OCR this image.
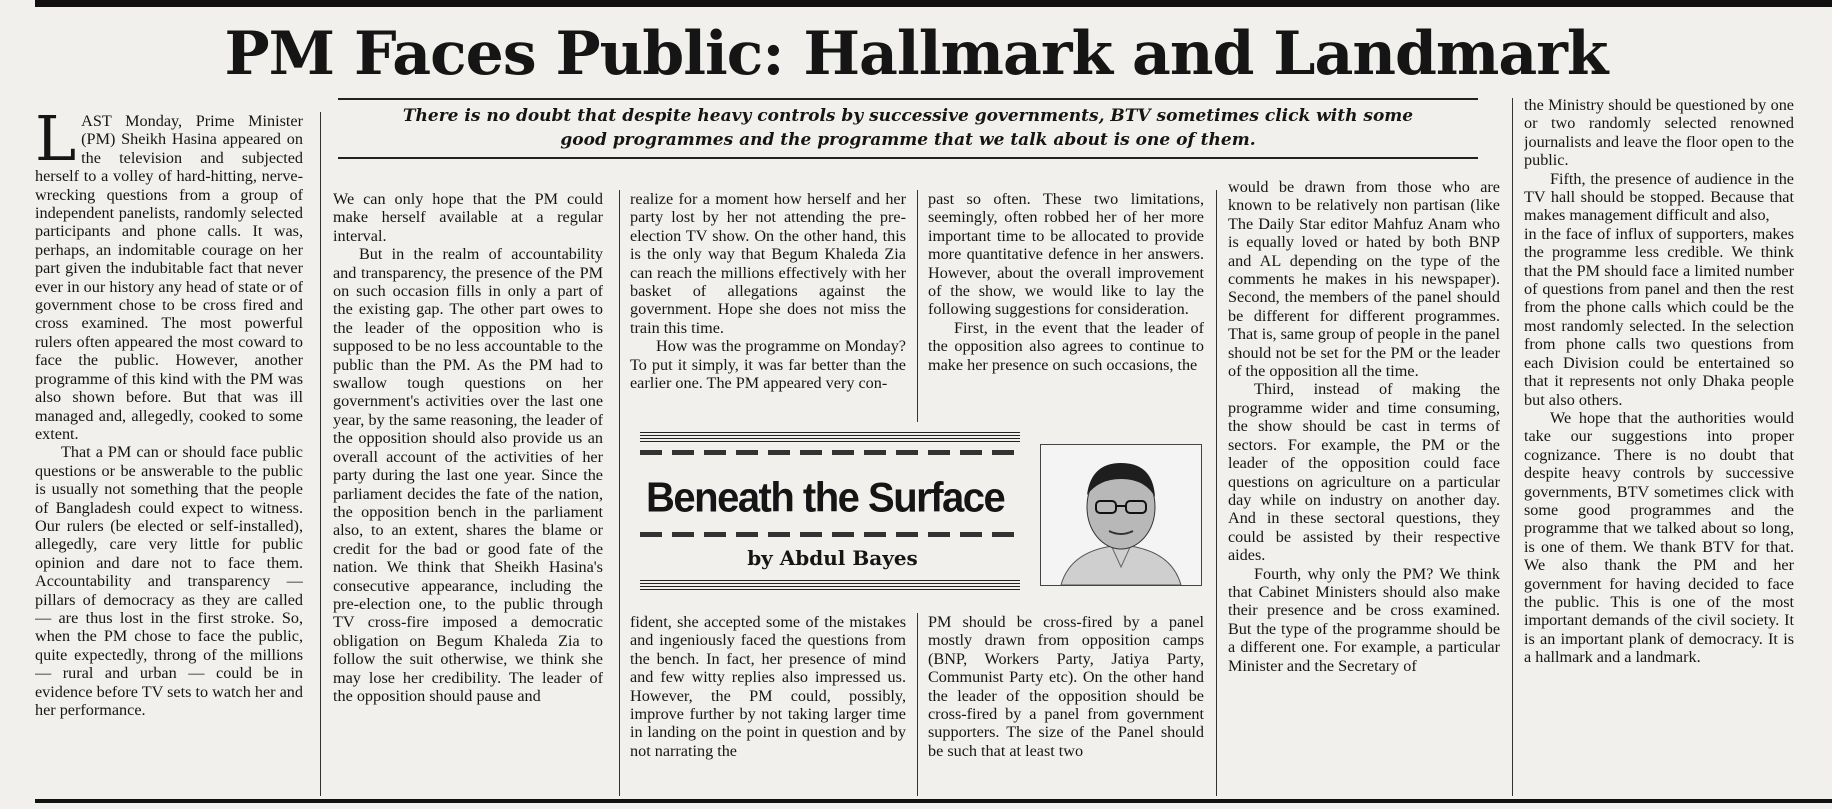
PM Faces Public: Hallmark and Landmark
There is no doubt that despite heavy controls by successive governments, BTV sometimes click with some
good programmes and the programme that we talk about is one of them.

LAST Monday, Prime Minister (PM) Sheikh Hasina appeared on the television and subjected herself to a volley of hard-hitting, nerve-wrecking questions from a group of independent panelists, randomly selected participants and phone calls. It was, perhaps, an indomitable courage on her part given the indubitable fact that never ever in our history any head of state or of government chose to be cross fired and cross examined. The most powerful rulers often appeared the most coward to face the public. However, another programme of this kind with the PM was also shown before. But that was ill managed and, allegedly, cooked to some extent.

That a PM can or should face public questions or be answerable to the public is usually not something that the people of Bangladesh could expect to witness. Our rulers (be elected or self-installed), allegedly, care very little for public opinion and dare not to face them. Accountability and transparency — pillars of democracy as they are called — are thus lost in the first stroke. So, when the PM chose to face the public, quite expectedly, throng of the millions — rural and urban — could be in evidence before TV sets to watch her and her performance.

We can only hope that the PM could make herself available at a regular interval.

But in the realm of accountability and transparency, the presence of the PM on such occasion fills in only a part of the existing gap. The other part owes to the leader of the opposition who is supposed to be no less accountable to the public than the PM. As the PM had to swallow tough questions on her government's activities over the last one year, by the same reasoning, the leader of the opposition should also provide us an overall account of the activities of her party during the last one year. Since the parliament decides the fate of the nation, the opposition bench in the parliament also, to an extent, shares the blame or credit for the bad or good fate of the nation. We think that Sheikh Hasina's consecutive appearance, including the pre-election one, to the public through TV cross-fire imposed a democratic obligation on Begum Khaleda Zia to follow the suit otherwise, we think she may lose her credibility. The leader of the opposition should pause and

realize for a moment how herself and her party lost by her not attending the pre-election TV show. On the other hand, this is the only way that Begum Khaleda Zia can reach the millions effectively with her basket of allegations against the government. Hope she does not miss the train this time.

How was the programme on Monday? To put it simply, it was far better than the earlier one. The PM appeared very con-

past so often. These two limitations, seemingly, often robbed her of her more important time to be allocated to provide more quantitative defence in her answers. However, about the overall improvement of the show, we would like to lay the following suggestions for consideration.

First, in the event that the leader of the opposition also agrees to continue to make her presence on such occasions, the

Beneath the Surface
by Abdul Bayes

fident, she accepted some of the mistakes and ingeniously faced the questions from the bench. In fact, her presence of mind and few witty replies also impressed us. However, the PM could, possibly, improve further by not taking larger time in landing on the point in question and by not narrating the

PM should be cross-fired by a panel mostly drawn from opposition camps (BNP, Workers Party, Jatiya Party, Communist Party etc). On the other hand the leader of the opposition should be cross-fired by a panel from government supporters. The size of the Panel should be such that at least two

would be drawn from those who are known to be relatively non partisan (like The Daily Star editor Mahfuz Anam who is equally loved or hated by both BNP and AL depending on the type of the comments he makes in his newspaper). Second, the members of the panel should be different for different programmes. That is, same group of people in the panel should not be set for the PM or the leader of the opposition all the time.

Third, instead of making the programme wider and time consuming, the show should be cast in terms of sectors. For example, the PM or the leader of the opposition could face questions on agriculture on a particular day while on industry on another day. And in these sectoral questions, they could be assisted by their respective aides.

Fourth, why only the PM? We think that Cabinet Ministers should also make their presence and be cross examined. But the type of the programme should be a different one. For example, a particular Minister and the Secretary of

the Ministry should be questioned by one or two randomly selected renowned journalists and leave the floor open to the public.

Fifth, the presence of audience in the TV hall should be stopped. Because that makes management difficult and also,

in the face of influx of supporters, makes the programme less credible. We think that the PM should face a limited number of questions from panel and then the rest from the phone calls which could be the most randomly selected. In the selection from phone calls two questions from each Division could be entertained so that it represents not only Dhaka people but also others.

We hope that the authorities would take our suggestions into proper cognizance. There is no doubt that despite heavy controls by successive governments, BTV sometimes click with some good programmes and the programme that we talked about so long, is one of them. We thank BTV for that. We also thank the PM and her government for having decided to face the public. This is one of the most important demands of the civil society. It is an important plank of democracy. It is a hallmark and a landmark.
